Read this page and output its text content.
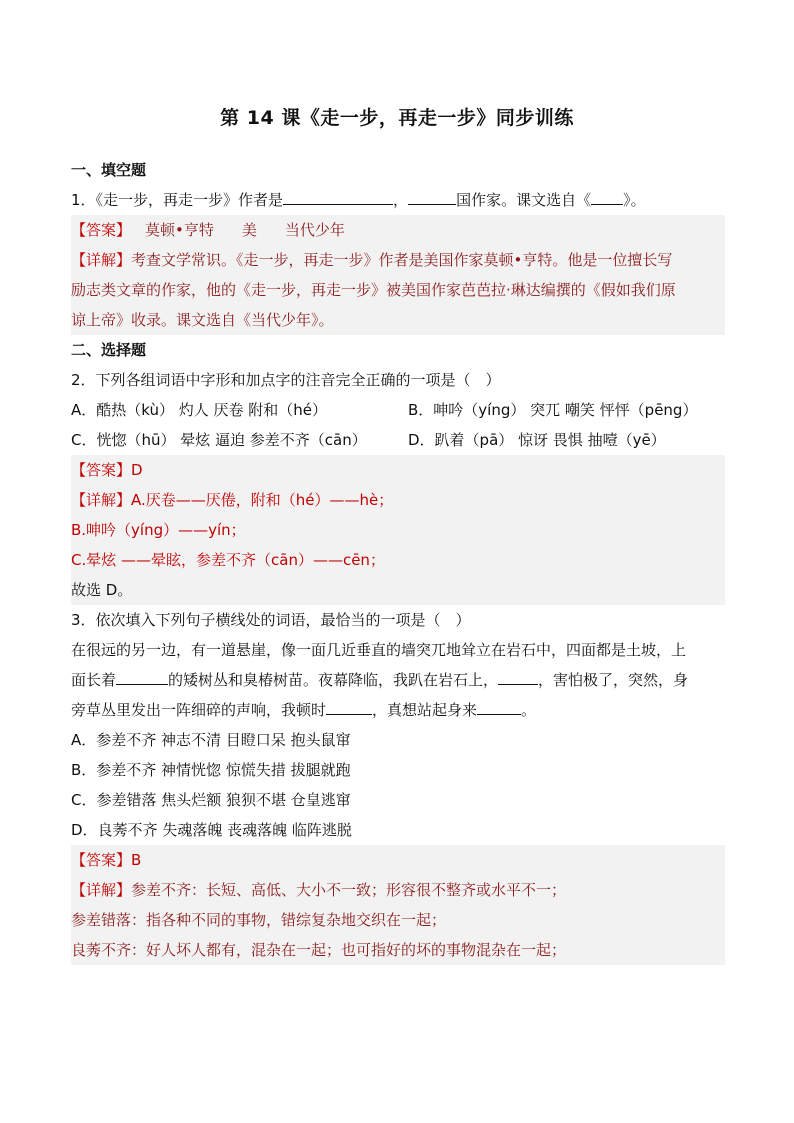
第 14 课《走一步，再走一步》同步训练
一、填空题
1．《走一步，再走一步》作者是	，	国作家。课文选自《 》。
【答案】 莫顿•亨特 美 当代少年
【详解】考查文学常识。《走一步，再走一步》作者是美国作家莫顿•亨特。他是一位擅长写
励志类文章的作家，他的《走一步，再走一步》被美国作家芭芭拉·琳达编撰的《假如我们原
谅上帝》收录。课文选自《当代少年》。
二、选择题
2．下列各组词语中字形和加点字的注音完全正确的一项是（　）
A．酷热（kù） 灼人 厌卷 附和（hé）	B．呻吟（yíng） 突兀 嘲笑 怦怦（pēng）
C．恍惚（hū） 晕炫 逼迫 参差不齐（cān）	D．趴着（pā） 惊讶 畏惧 抽噎（yē）
【答案】D
【详解】A.厌卷——厌倦，附和（hé）——hè；
B.呻吟（yíng）——yín；
C.晕炫 ——晕眩，参差不齐（cān）——cēn；
故选 D。
3．依次填入下列句子横线处的词语，最恰当的一项是（　）
在很远的另一边，有一道悬崖，像一面几近垂直的墙突兀地耸立在岩石中，四面都是土坡，上
面长着	的矮树丛和臭椿树苗。夜幕降临，我趴在岩石上，	，害怕极了，突然，身
旁草丛里发出一阵细碎的声响，我顿时	，真想站起身来	。
A．参差不齐 神志不清 目瞪口呆 抱头鼠窜
B．参差不齐 神情恍惚 惊慌失措 拔腿就跑
C．参差错落 焦头烂额 狼狈不堪 仓皇逃窜
D．良莠不齐 失魂落魄 丧魂落魄 临阵逃脱
【答案】B
【详解】参差不齐：长短、高低、大小不一致；形容很不整齐或水平不一；
参差错落：指各种不同的事物，错综复杂地交织在一起；
良莠不齐：好人坏人都有，混杂在一起；也可指好的坏的事物混杂在一起；
